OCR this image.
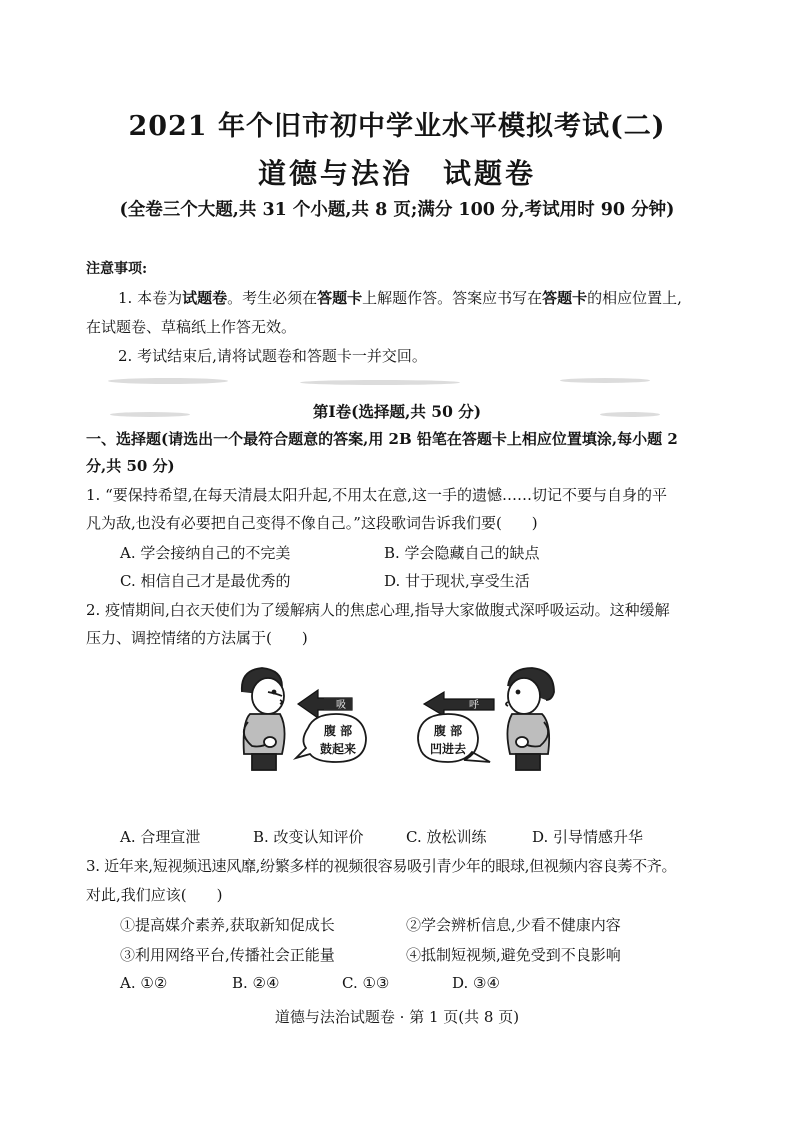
2021 年个旧市初中学业水平模拟考试(二)
道德与法治 试题卷
(全卷三个大题,共 31 个小题,共 8 页;满分 100 分,考试用时 90 分钟)
注意事项:
1. 本卷为试题卷。考生必须在答题卡上解题作答。答案应书写在答题卡的相应位置上,
在试题卷、草稿纸上作答无效。
2. 考试结束后,请将试题卷和答题卡一并交回。
第Ⅰ卷(选择题,共 50 分)
一、选择题(请选出一个最符合题意的答案,用 2B 铅笔在答题卡上相应位置填涂,每小题 2
分,共 50 分)
1. “要保持希望,在每天清晨太阳升起,不用太在意,这一手的遗憾……切记不要与自身的平
凡为敌,也没有必要把自己变得不像自己。”这段歌词告诉我们要(　　)
A. 学会接纳自己的不完美	B. 学会隐藏自己的缺点
C. 相信自己才是最优秀的	D. 甘于现状,享受生活
2. 疫情期间,白衣天使们为了缓解病人的焦虑心理,指导大家做腹式深呼吸运动。这种缓解
压力、调控情绪的方法属于(　　)
吸
腹 部
鼓起来
呼
腹 部
凹进去
A. 合理宣泄	B. 改变认知评价	C. 放松训练	D. 引导情感升华
3. 近年来,短视频迅速风靡,纷繁多样的视频很容易吸引青少年的眼球,但视频内容良莠不齐。
对此,我们应该(　　)
①提高媒介素养,获取新知促成长	②学会辨析信息,少看不健康内容
③利用网络平台,传播社会正能量	④抵制短视频,避免受到不良影响
A. ①②	B. ②④	C. ①③	D. ③④
道德与法治试题卷 · 第 1 页(共 8 页)
